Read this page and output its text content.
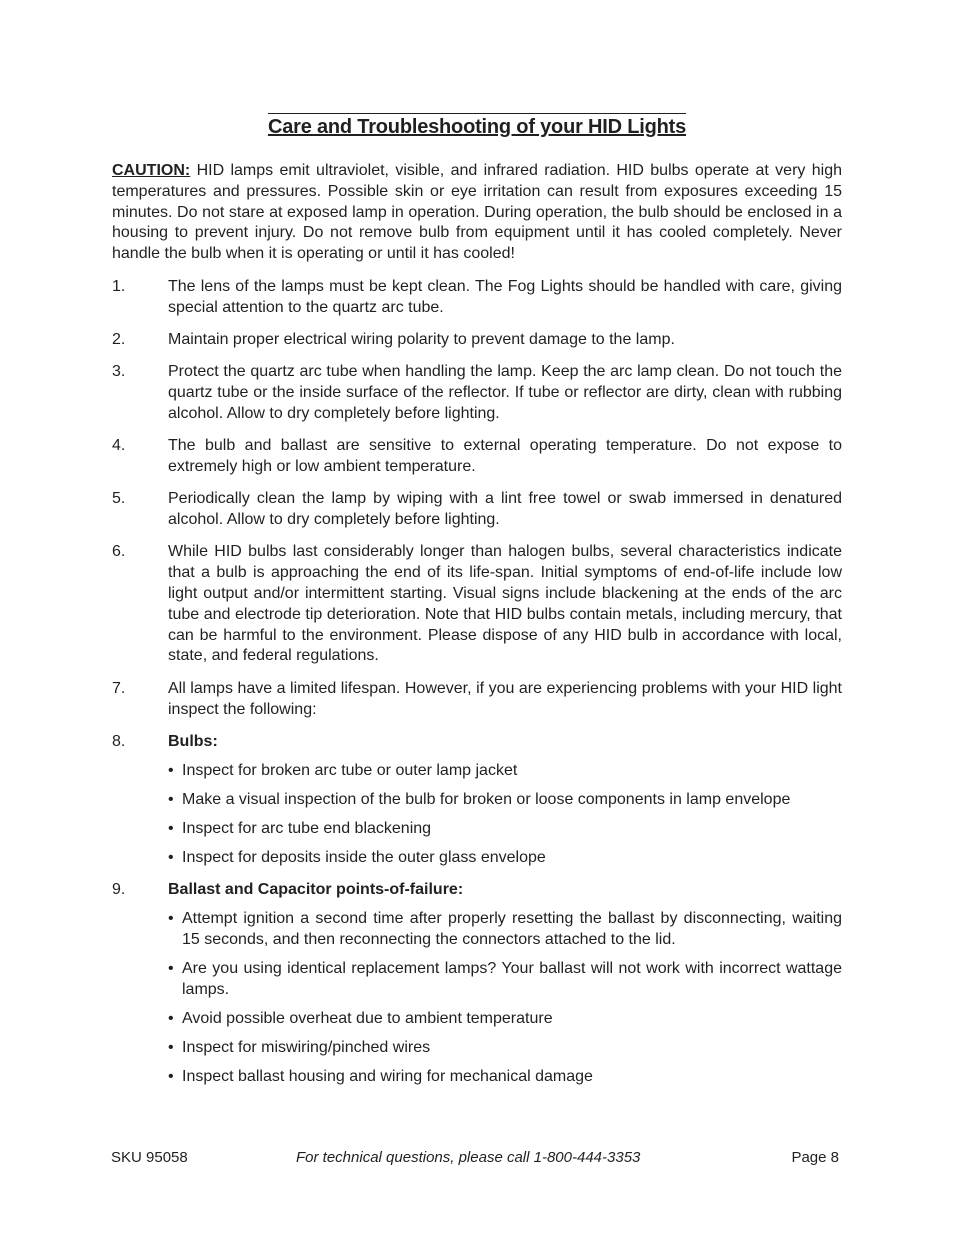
Care and Troubleshooting of your HID Lights

CAUTION: HID lamps emit ultraviolet, visible, and infrared radiation. HID bulbs operate at very high temperatures and pressures. Possible skin or eye irritation can result from exposures exceeding 15 minutes. Do not stare at exposed lamp in operation. During operation, the bulb should be enclosed in a housing to prevent injury. Do not remove bulb from equipment until it has cooled completely. Never handle the bulb when it is operating or until it has cooled!

1.	The lens of the lamps must be kept clean. The Fog Lights should be handled with care, giving special attention to the quartz arc tube.
2.	Maintain proper electrical wiring polarity to prevent damage to the lamp.
3.	Protect the quartz arc tube when handling the lamp. Keep the arc lamp clean. Do not touch the quartz tube or the inside surface of the reflector. If tube or reflector are dirty, clean with rubbing alcohol. Allow to dry completely before lighting.
4.	The bulb and ballast are sensitive to external operating temperature. Do not expose to extremely high or low ambient temperature.
5.	Periodically clean the lamp by wiping with a lint free towel or swab immersed in denatured alcohol. Allow to dry completely before lighting.
6.	While HID bulbs last considerably longer than halogen bulbs, several characteristics indicate that a bulb is approaching the end of its life-span. Initial symptoms of end-of-life include low light output and/or intermittent starting. Visual signs include blackening at the ends of the arc tube and electrode tip deterioration. Note that HID bulbs contain metals, including mercury, that can be harmful to the environment. Please dispose of any HID bulb in accordance with local, state, and federal regulations.
7.	All lamps have a limited lifespan. However, if you are experiencing problems with your HID light inspect the following:
8.	Bulbs:
• Inspect for broken arc tube or outer lamp jacket
• Make a visual inspection of the bulb for broken or loose components in lamp envelope
• Inspect for arc tube end blackening
• Inspect for deposits inside the outer glass envelope
9.	Ballast and Capacitor points-of-failure:
• Attempt ignition a second time after properly resetting the ballast by disconnecting, waiting 15 seconds, and then reconnecting the connectors attached to the lid.
• Are you using identical replacement lamps? Your ballast will not work with incorrect wattage lamps.
• Avoid possible overheat due to ambient temperature
• Inspect for miswiring/pinched wires
• Inspect ballast housing and wiring for mechanical damage
SKU 95058	For technical questions, please call 1-800-444-3353	Page 8
